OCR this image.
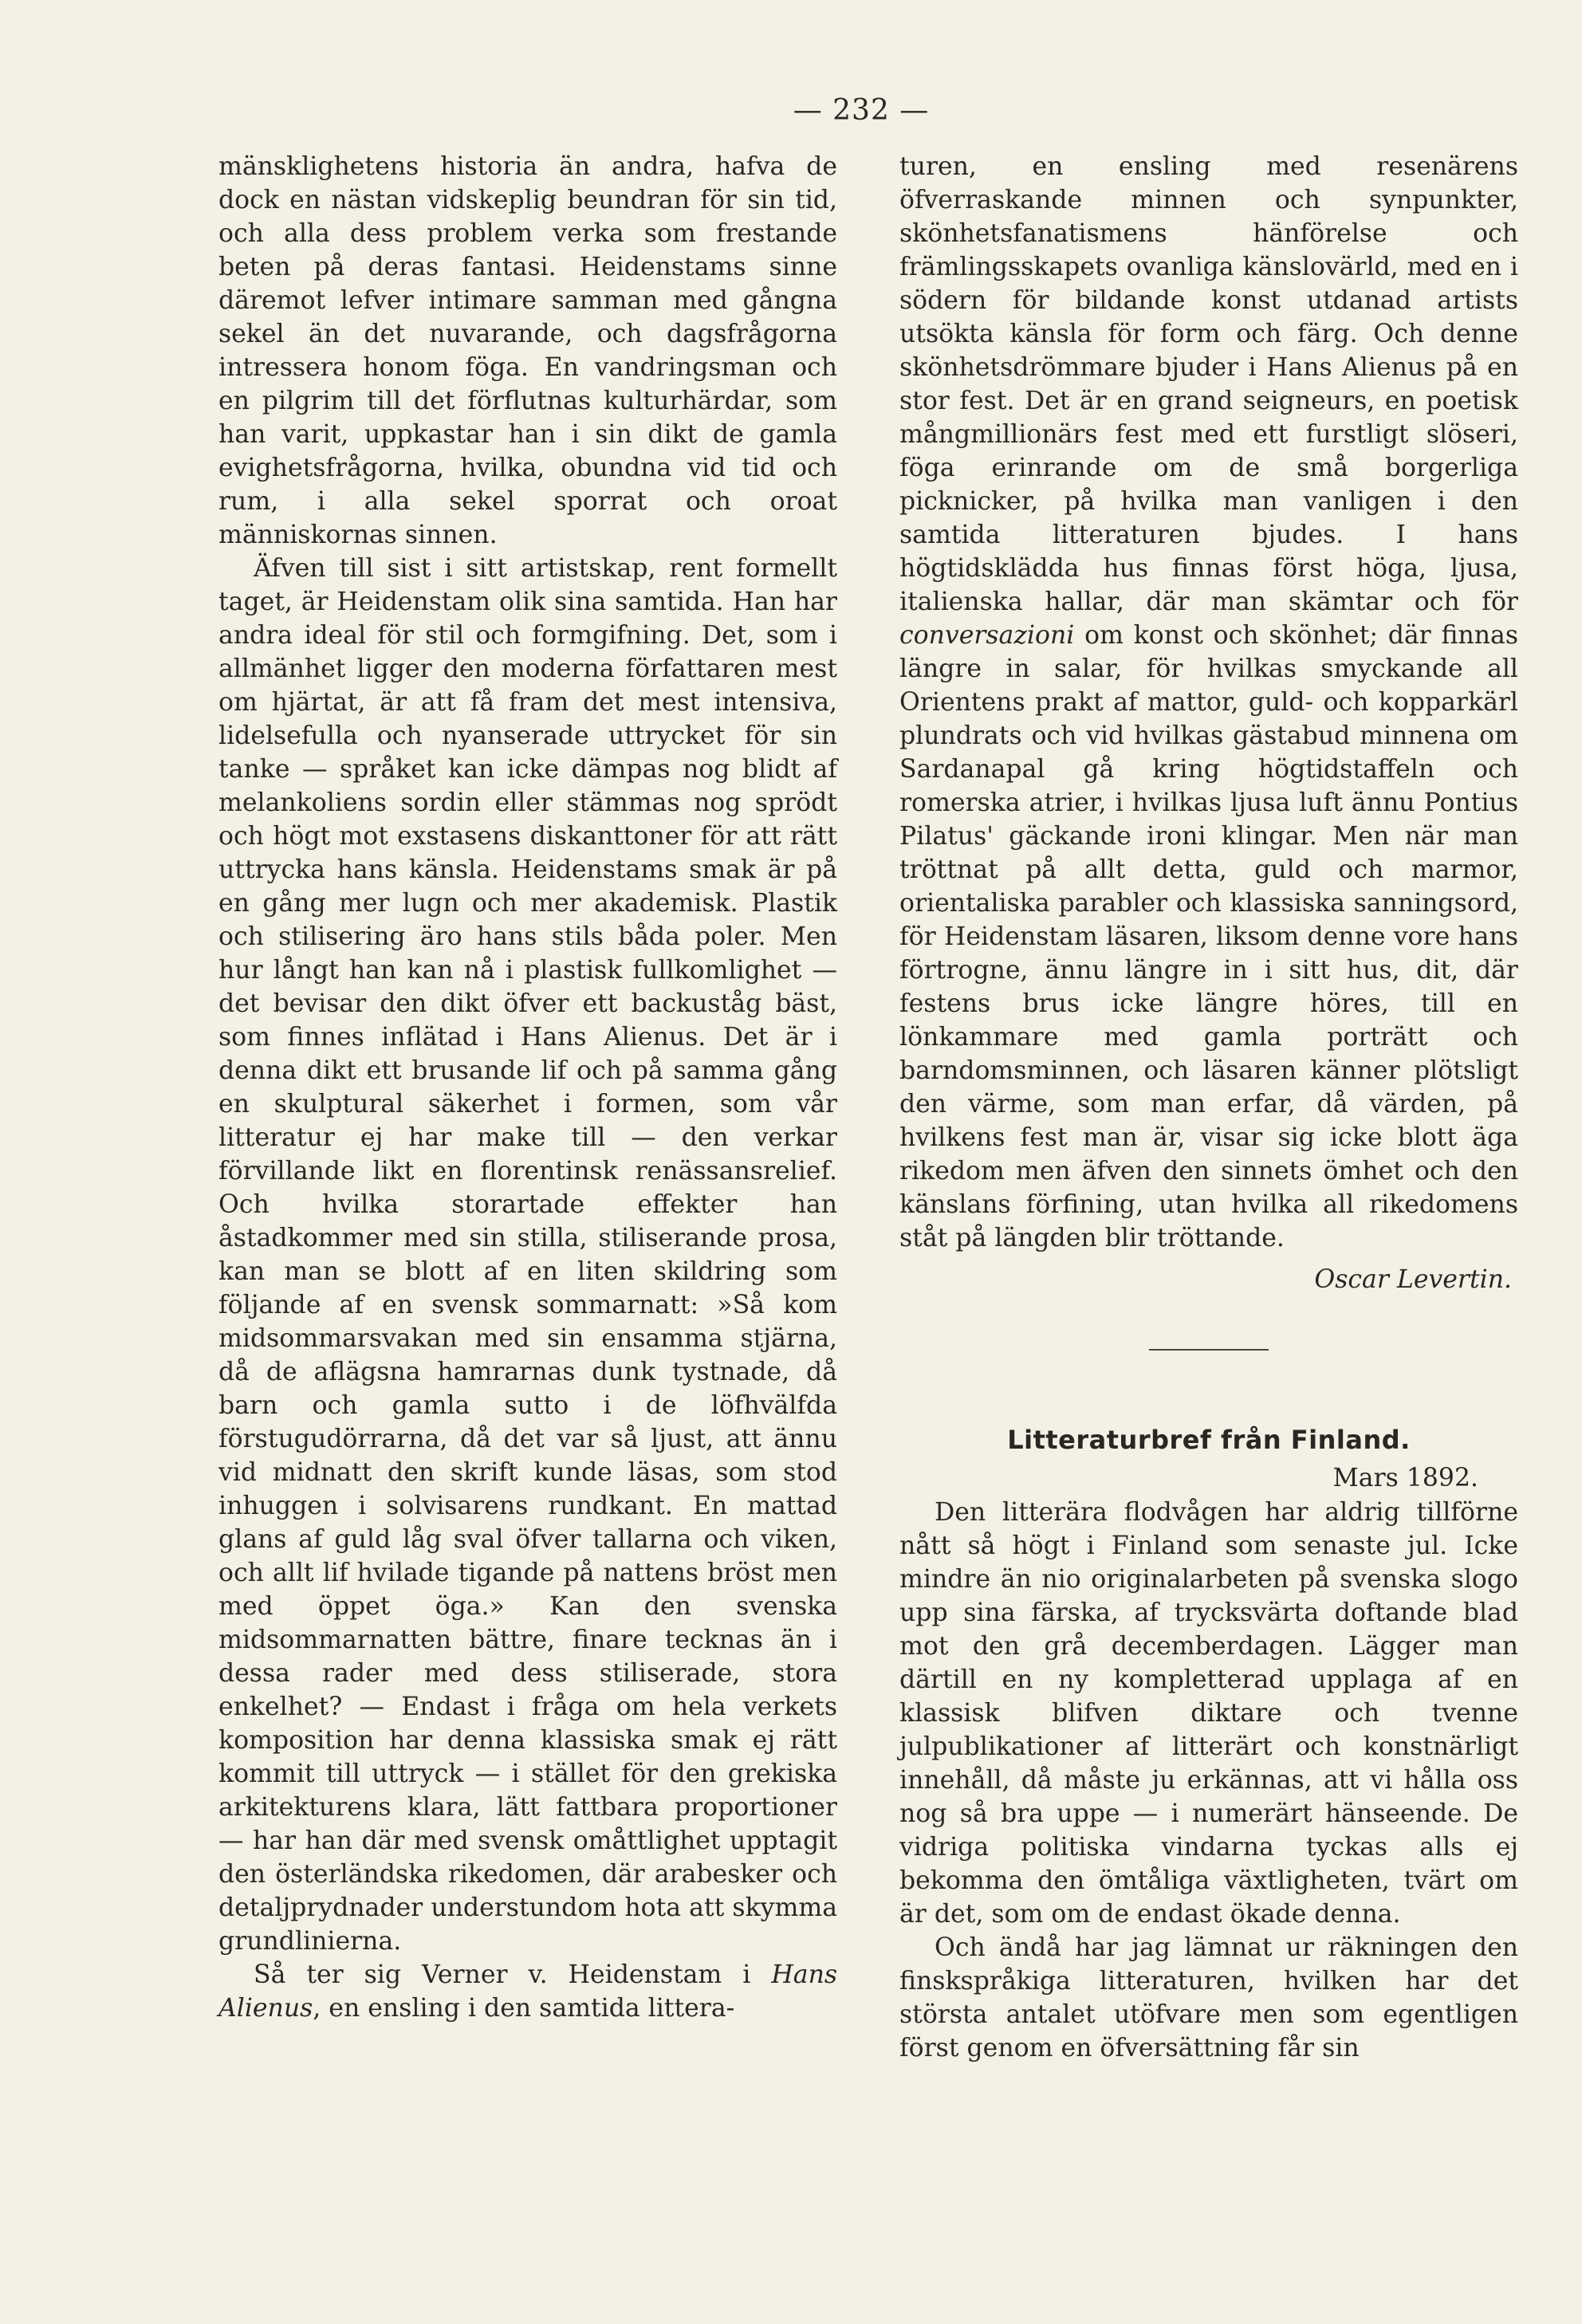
— 232 —

mänsklighetens historia än andra, hafva de dock en nästan vidskeplig beundran för sin tid, och alla dess problem verka som frestande beten på deras fantasi. Heidenstams sinne däremot lefver intimare samman med gångna sekel än det nuvarande, och dagsfrågorna intressera honom föga. En vandringsman och en pilgrim till det förflutnas kulturhärdar, som han varit, uppkastar han i sin dikt de gamla evighetsfrågorna, hvilka, obundna vid tid och rum, i alla sekel sporrat och oroat människornas sinnen.

Äfven till sist i sitt artistskap, rent formellt taget, är Heidenstam olik sina samtida. Han har andra ideal för stil och formgifning. Det, som i allmänhet ligger den moderna författaren mest om hjärtat, är att få fram det mest intensiva, lidelsefulla och nyanserade uttrycket för sin tanke — språket kan icke dämpas nog blidt af melankoliens sordin eller stämmas nog sprödt och högt mot exstasens diskanttoner för att rätt uttrycka hans känsla. Heidenstams smak är på en gång mer lugn och mer akademisk. Plastik och stilisering äro hans stils båda poler. Men hur långt han kan nå i plastisk fullkomlighet — det bevisar den dikt öfver ett backuståg bäst, som finnes inflätad i Hans Alienus. Det är i denna dikt ett brusande lif och på samma gång en skulptural säkerhet i formen, som vår litteratur ej har make till — den verkar förvillande likt en florentinsk renässansrelief. Och hvilka storartade effekter han åstadkommer med sin stilla, stiliserande prosa, kan man se blott af en liten skildring som följande af en svensk sommarnatt: »Så kom midsommarsvakan med sin ensamma stjärna, då de aflägsna hamrarnas dunk tystnade, då barn och gamla sutto i de löfhvälfda förstugudörrarna, då det var så ljust, att ännu vid midnatt den skrift kunde läsas, som stod inhuggen i solvisarens rundkant. En mattad glans af guld låg sval öfver tallarna och viken, och allt lif hvilade tigande på nattens bröst men med öppet öga.» Kan den svenska midsommarnatten bättre, finare tecknas än i dessa rader med dess stiliserade, stora enkelhet? — Endast i fråga om hela verkets komposition har denna klassiska smak ej rätt kommit till uttryck — i stället för den grekiska arkitekturens klara, lätt fattbara proportioner — har han där med svensk omåttlighet upptagit den österländska rikedomen, där arabesker och detaljprydnader understundom hota att skymma grundlinierna.

Så ter sig Verner v. Heidenstam i Hans Alienus, en ensling i den samtida littera-

turen, en ensling med resenärens öfverraskande minnen och synpunkter, skönhetsfanatismens hänförelse och främlingsskapets ovanliga känslovärld, med en i södern för bildande konst utdanad artists utsökta känsla för form och färg. Och denne skönhetsdrömmare bjuder i Hans Alienus på en stor fest. Det är en grand seigneurs, en poetisk mångmillionärs fest med ett furstligt slöseri, föga erinrande om de små borgerliga picknicker, på hvilka man vanligen i den samtida litteraturen bjudes. I hans högtidsklädda hus finnas först höga, ljusa, italienska hallar, där man skämtar och för conversazioni om konst och skönhet; där finnas längre in salar, för hvilkas smyckande all Orientens prakt af mattor, guld- och kopparkärl plundrats och vid hvilkas gästabud minnena om Sardanapal gå kring högtidstaffeln och romerska atrier, i hvilkas ljusa luft ännu Pontius Pilatus' gäckande ironi klingar. Men när man tröttnat på allt detta, guld och marmor, orientaliska parabler och klassiska sanningsord, för Heidenstam läsaren, liksom denne vore hans förtrogne, ännu längre in i sitt hus, dit, där festens brus icke längre höres, till en lönkammare med gamla porträtt och barndomsminnen, och läsaren känner plötsligt den värme, som man erfar, då värden, på hvilkens fest man är, visar sig icke blott äga rikedom men äfven den sinnets ömhet och den känslans förfining, utan hvilka all rikedomens ståt på längden blir tröttande.

Oscar Levertin.
Litteraturbref från Finland.
Mars 1892.

Den litterära flodvågen har aldrig tillförne nått så högt i Finland som senaste jul. Icke mindre än nio originalarbeten på svenska slogo upp sina färska, af trycksvärta doftande blad mot den grå decemberdagen. Lägger man därtill en ny kompletterad upplaga af en klassisk blifven diktare och tvenne julpublikationer af litterärt och konstnärligt innehåll, då måste ju erkännas, att vi hålla oss nog så bra uppe — i numerärt hänseende. De vidriga politiska vindarna tyckas alls ej bekomma den ömtåliga växtligheten, tvärt om är det, som om de endast ökade denna.

Och ändå har jag lämnat ur räkningen den finskspråkiga litteraturen, hvilken har det största antalet utöfvare men som egentligen först genom en öfversättning får sin
